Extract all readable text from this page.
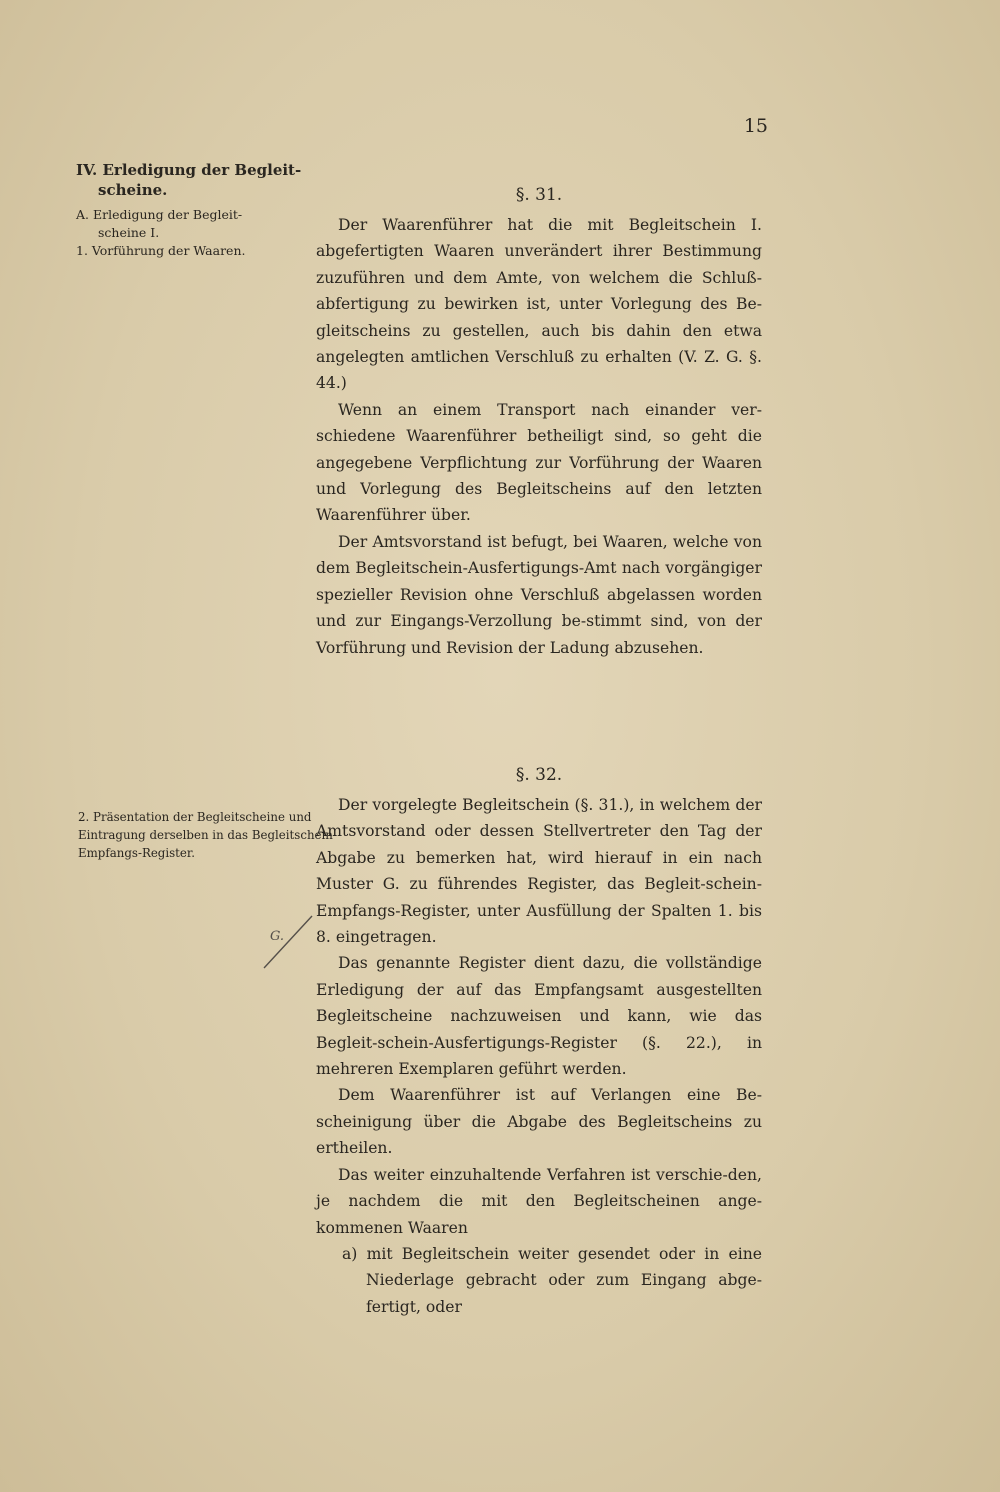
15
IV. Erledigung der Begleit-
scheine.
A. Erledigung der Begleit-
scheine I.
1. Vorführung der Waaren.
2. Präsentation der Begleitscheine und
Eintragung derselben in das Begleitschein-
Empfangs-Register.
§. 31.

Der Waarenführer hat die mit Begleitschein I. abgefertigten Waaren unverändert ihrer Bestimmung zuzuführen und dem Amte, von welchem die Schluß-abfertigung zu bewirken ist, unter Vorlegung des Be-gleitscheins zu gestellen, auch bis dahin den etwa angelegten amtlichen Verschluß zu erhalten (V. Z. G. §. 44.)

Wenn an einem Transport nach einander ver-schiedene Waarenführer betheiligt sind, so geht die angegebene Verpflichtung zur Vorführung der Waaren und Vorlegung des Begleitscheins auf den letzten Waarenführer über.

Der Amtsvorstand ist befugt, bei Waaren, welche von dem Begleitschein-Ausfertigungs-Amt nach vorgängiger spezieller Revision ohne Verschluß abgelassen worden und zur Eingangs-Verzollung be-stimmt sind, von der Vorführung und Revision der Ladung abzusehen.

§. 32.

Der vorgelegte Begleitschein (§. 31.), in welchem der Amtsvorstand oder dessen Stellvertreter den Tag der Abgabe zu bemerken hat, wird hierauf in ein nach Muster G. zu führendes Register, das Begleit-schein-Empfangs-Register, unter Ausfüllung der Spalten 1. bis 8. eingetragen.

Das genannte Register dient dazu, die vollständige Erledigung der auf das Empfangsamt ausgestellten Begleitscheine nachzuweisen und kann, wie das Begleit-schein-Ausfertigungs-Register (§. 22.), in mehreren Exemplaren geführt werden.

Dem Waarenführer ist auf Verlangen eine Be-scheinigung über die Abgabe des Begleitscheins zu ertheilen.

Das weiter einzuhaltende Verfahren ist verschie-den, je nachdem die mit den Begleitscheinen ange-kommenen Waaren

a) mit Begleitschein weiter gesendet oder in eine Niederlage gebracht oder zum Eingang abge-fertigt, oder

G.
